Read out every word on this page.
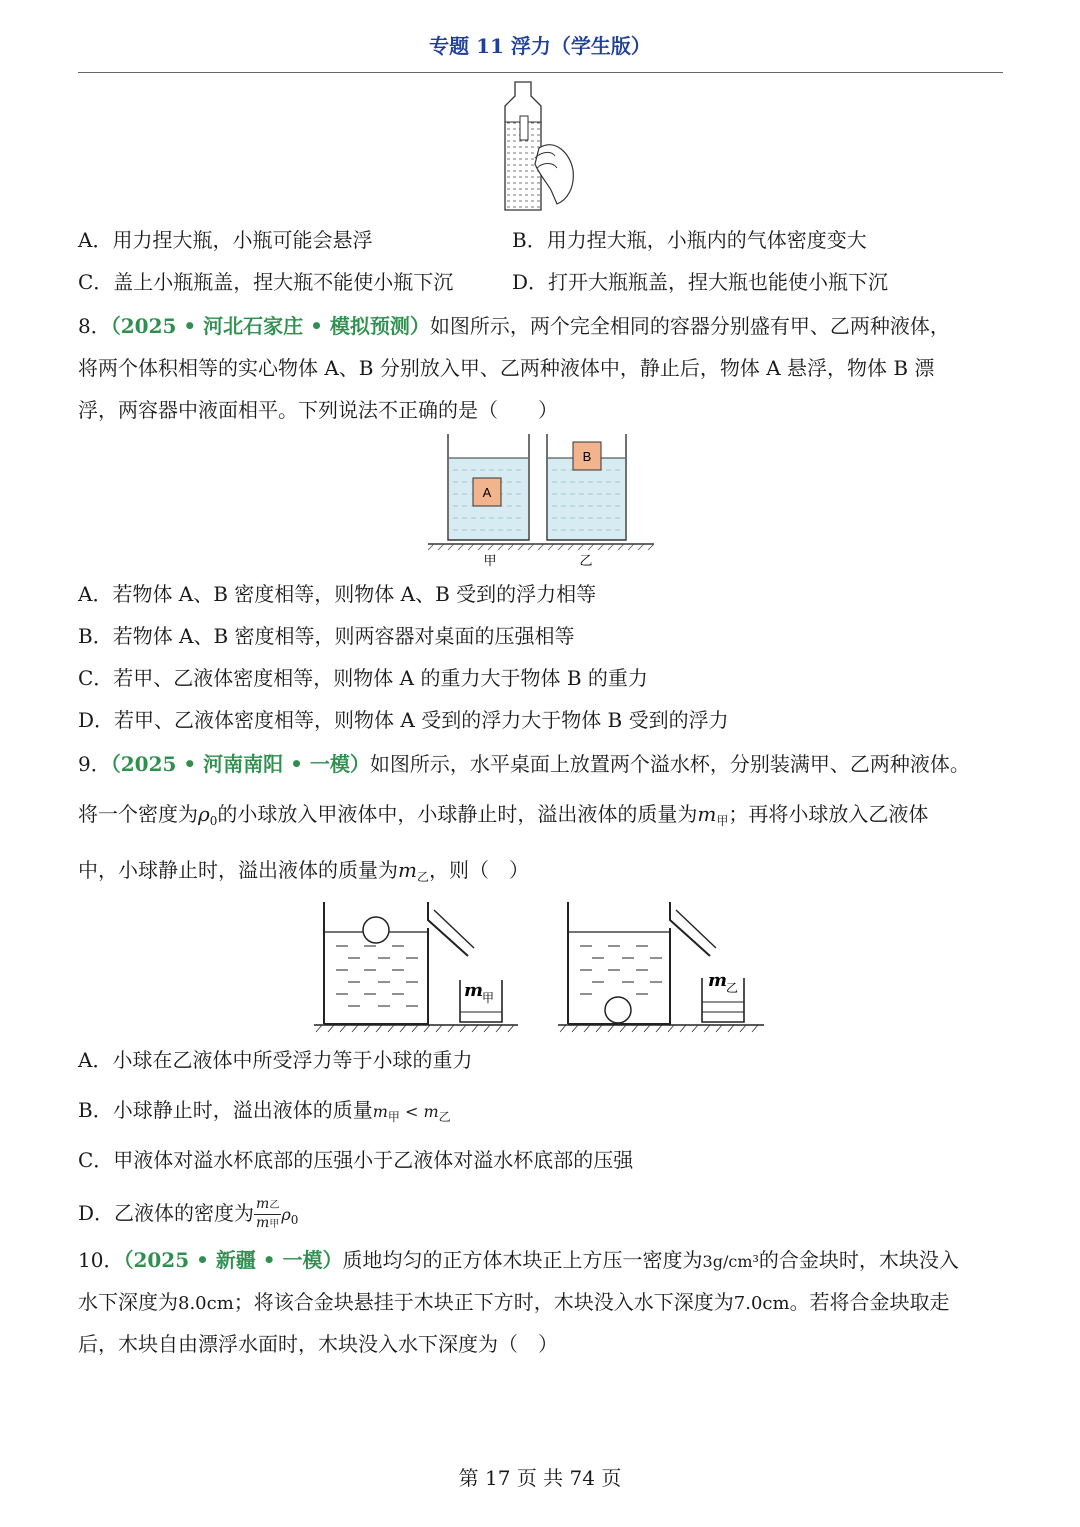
专题 11 浮力（学生版）
A．用力捏大瓶，小瓶可能会悬浮	B．用力捏大瓶，小瓶内的气体密度变大
C．盖上小瓶瓶盖，捏大瓶不能使小瓶下沉	D．打开大瓶瓶盖，捏大瓶也能使小瓶下沉
8．（2025 • 河北石家庄 • 模拟预测）如图所示，两个完全相同的容器分别盛有甲、乙两种液体，
将两个体积相等的实心物体 A、B 分别放入甲、乙两种液体中，静止后，物体 A 悬浮，物体 B 漂
浮，两容器中液面相平。下列说法不正确的是（　　）
A
B
甲	乙
A．若物体 A、B 密度相等，则物体 A、B 受到的浮力相等
B．若物体 A、B 密度相等，则两容器对桌面的压强相等
C．若甲、乙液体密度相等，则物体 A 的重力大于物体 B 的重力
D．若甲、乙液体密度相等，则物体 A 受到的浮力大于物体 B 受到的浮力
9．（2025 • 河南南阳 • 一模）如图所示，水平桌面上放置两个溢水杯，分别装满甲、乙两种液体。
将一个密度为$\rho_0$的小球放入甲液体中，小球静止时，溢出液体的质量为$m_甲$；再将小球放入乙液体
中，小球静止时，溢出液体的质量为$m_乙$，则（　）
m
甲
m
乙
A．小球在乙液体中所受浮力等于小球的重力
B．小球静止时，溢出液体的质量$m_甲 < m_乙$
C．甲液体对溢水杯底部的压强小于乙液体对溢水杯底部的压强
D．乙液体的密度为 $\frac{\text{m乙}}{\text{m甲}} \rho_0$
10．（2025 • 新疆 • 一模）质地均匀的正方体木块正上方压一密度为3g/cm³的合金块时，木块没入
水下深度为8.0cm；将该合金块悬挂于木块正下方时，木块没入水下深度为7.0cm。若将合金块取走
后，木块自由漂浮水面时，木块没入水下深度为（　）
第 17 页 共 74 页
